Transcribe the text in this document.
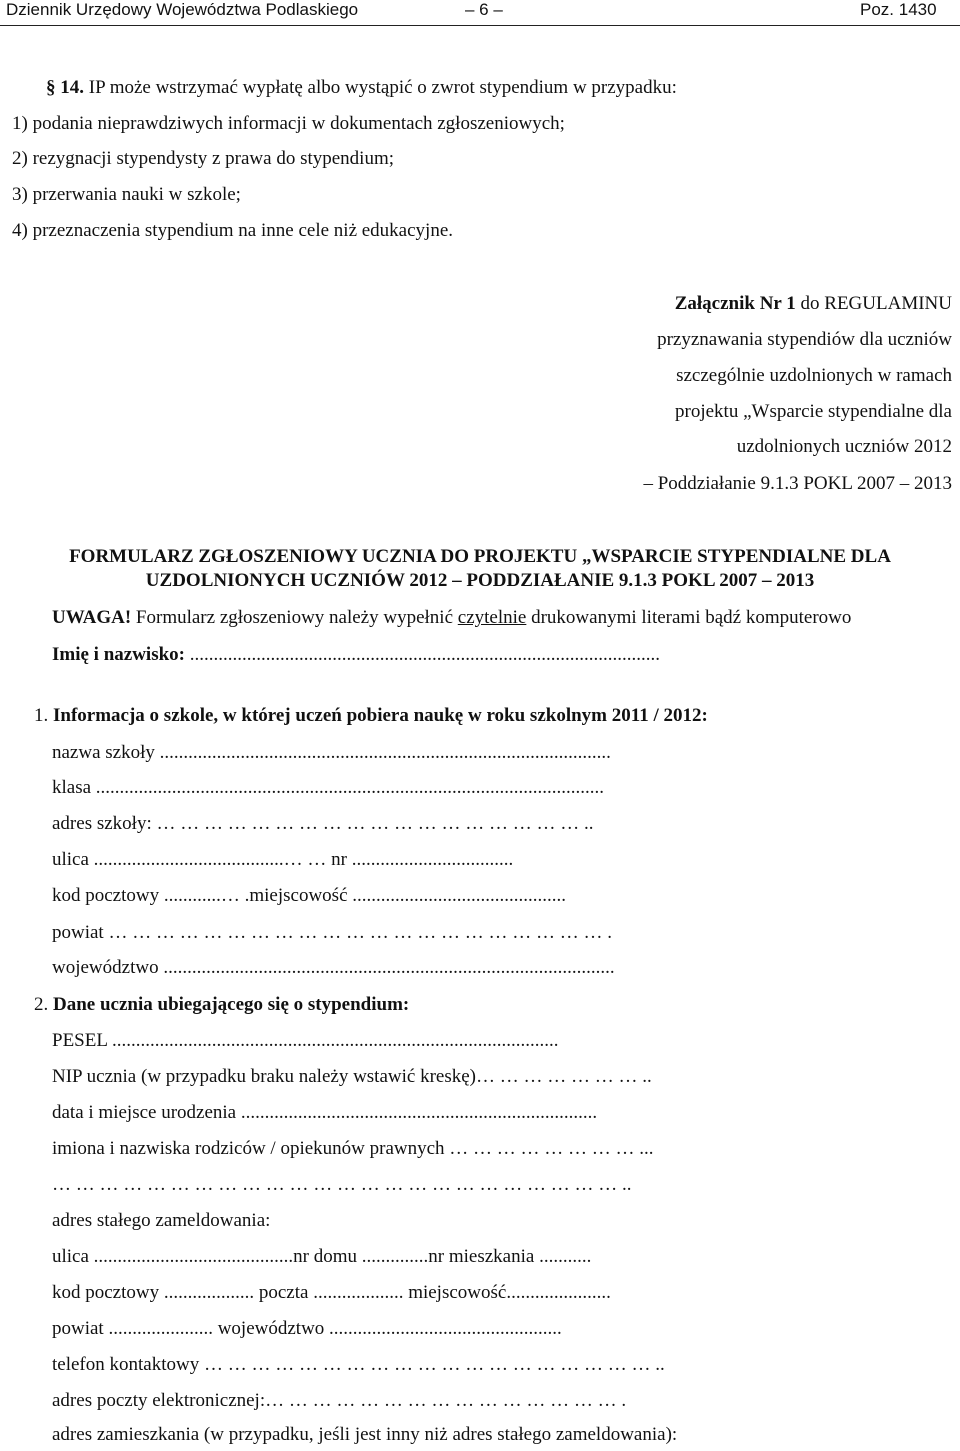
Dziennik Urzędowy Województwa Podlaskiego	– 6 –	Poz. 1430
§ 14. IP może wstrzymać wypłatę albo wystąpić o zwrot stypendium w przypadku:
1) podania nieprawdziwych informacji w dokumentach zgłoszeniowych;
2) rezygnacji stypendysty z prawa do stypendium;
3) przerwania nauki w szkole;
4) przeznaczenia stypendium na inne cele niż edukacyjne.
Załącznik Nr 1 do REGULAMINU
przyznawania stypendiów dla uczniów
szczególnie uzdolnionych w ramach
projektu „Wsparcie stypendialne dla
uzdolnionych uczniów 2012
– Poddziałanie 9.1.3 POKL 2007 – 2013
FORMULARZ ZGŁOSZENIOWY UCZNIA DO PROJEKTU „WSPARCIE STYPENDIALNE DLA
UZDOLNIONYCH UCZNIÓW 2012 – PODDZIAŁANIE 9.1.3 POKL 2007 – 2013
UWAGA! Formularz zgłoszeniowy należy wypełnić czytelnie drukowanymi literami bądź komputerowo
Imię i nazwisko: ...................................................................................................
1. Informacja o szkole, w której uczeń pobiera naukę w roku szkolnym 2011 / 2012:
nazwa szkoły ...............................................................................................
klasa ...........................................................................................................
adres szkoły: … … … … … … … … … … … … … … … … … … ..
ulica ........................................… … nr ..................................
kod pocztowy ............… .miejscowość .............................................
powiat … … … … … … … … … … … … … … … … … … … … … .
województwo ...............................................................................................
2. Dane ucznia ubiegającego się o stypendium:
PESEL ..............................................................................................
NIP ucznia (w przypadku braku należy wstawić kreskę)… … … … … … … ..
data i miejsce urodzenia ...........................................................................
imiona i nazwiska rodziców / opiekunów prawnych … … … … … … … … ...
… … … … … … … … … … … … … … … … … … … … … … … … ..
adres stałego zameldowania:
ulica ..........................................nr domu ..............nr mieszkania ...........
kod pocztowy ................... poczta ................... miejscowość......................
powiat ...................... województwo .................................................
telefon kontaktowy … … … … … … … … … … … … … … … … … … … ..
adres poczty elektronicznej:… … … … … … … … … … … … … … … .
adres zamieszkania (w przypadku, jeśli jest inny niż adres stałego zameldowania):
